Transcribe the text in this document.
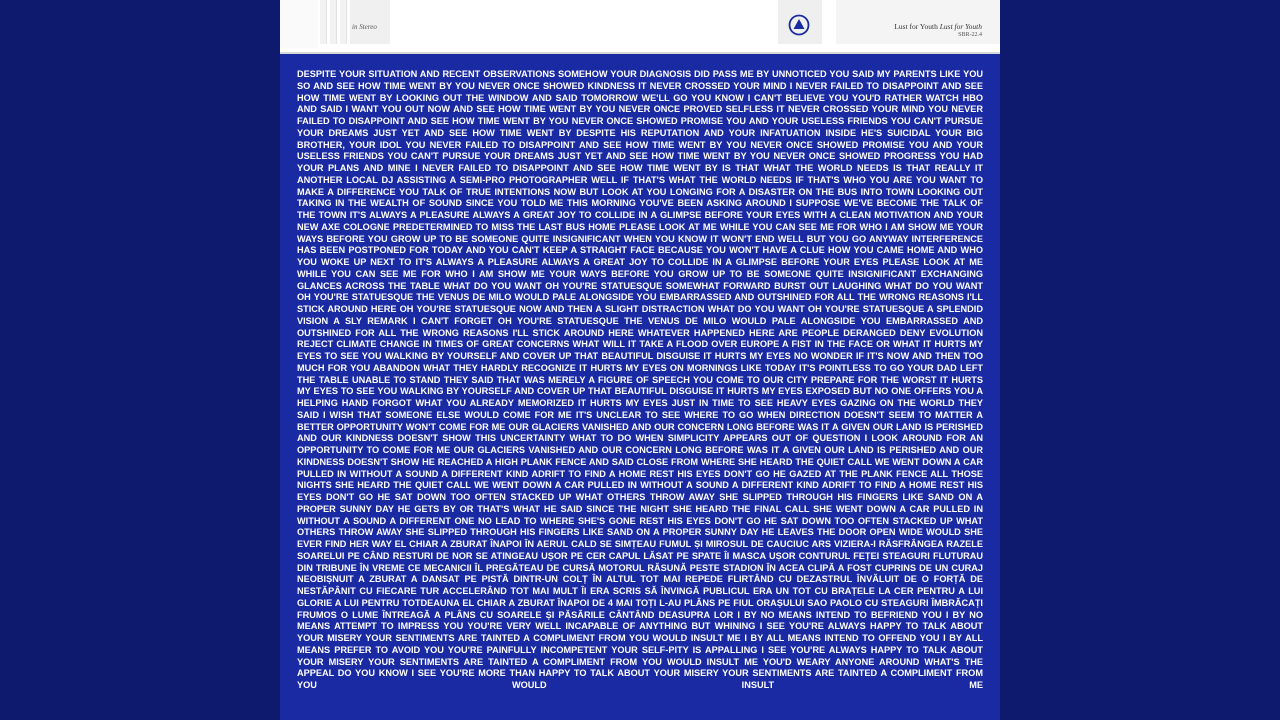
in Stereo	Lust for Youth Lust for Youth
SBR-22.4
DESPITE YOUR SITUATION AND RECENT OBSERVATIONS SOMEHOW YOUR DIAGNOSIS DID PASS ME BY UNNOTICED YOU SAID MY PARENTS LIKE YOU SO AND SEE HOW TIME WENT BY YOU NEVER ONCE SHOWED KINDNESS IT NEVER CROSSED YOUR MIND I NEVER FAILED TO DISAPPOINT AND SEE HOW TIME WENT BY LOOKING OUT THE WINDOW AND SAID TOMORROW WE'LL GO YOU KNOW I CAN'T BELIEVE YOU YOU'D RATHER WATCH HBO AND SAID I WANT YOU OUT NOW AND SEE HOW TIME WENT BY YOU NEVER ONCE PROVED SELFLESS IT NEVER CROSSED YOUR MIND YOU NEVER FAILED TO DISAPPOINT AND SEE HOW TIME WENT BY YOU NEVER ONCE SHOWED PROMISE YOU AND YOUR USELESS FRIENDS YOU CAN'T PURSUE YOUR DREAMS JUST YET AND SEE HOW TIME WENT BY DESPITE HIS REPUTATION AND YOUR INFATUATION INSIDE HE'S SUICIDAL YOUR BIG BROTHER, YOUR IDOL YOU NEVER FAILED TO DISAPPOINT AND SEE HOW TIME WENT BY YOU NEVER ONCE SHOWED PROMISE YOU AND YOUR USELESS FRIENDS YOU CAN'T PURSUE YOUR DREAMS JUST YET AND SEE HOW TIME WENT BY YOU NEVER ONCE SHOWED PROGRESS YOU HAD YOUR PLANS AND MINE I NEVER FAILED TO DISAPPOINT AND SEE HOW TIME WENT BY IS THAT WHAT THE WORLD NEEDS IS THAT REALLY IT ANOTHER LOCAL DJ ASSISTING A SEMI-PRO PHOTOGRAPHER WELL IF THAT'S WHAT THE WORLD NEEDS IF THAT'S WHO YOU ARE YOU WANT TO MAKE A DIFFERENCE YOU TALK OF TRUE INTENTIONS NOW BUT LOOK AT YOU LONGING FOR A DISASTER ON THE BUS INTO TOWN LOOKING OUT TAKING IN THE WEALTH OF SOUND SINCE YOU TOLD ME THIS MORNING YOU'VE BEEN ASKING AROUND I SUPPOSE WE'VE BECOME THE TALK OF THE TOWN IT'S ALWAYS A PLEASURE ALWAYS A GREAT JOY TO COLLIDE IN A GLIMPSE BEFORE YOUR EYES WITH A CLEAN MOTIVATION AND YOUR NEW AXE COLOGNE PREDETERMINED TO MISS THE LAST BUS HOME PLEASE LOOK AT ME WHILE YOU CAN SEE ME FOR WHO I AM SHOW ME YOUR WAYS BEFORE YOU GROW UP TO BE SOMEONE QUITE INSIGNIFICANT WHEN YOU KNOW IT WON'T END WELL BUT YOU GO ANYWAY INTERFERENCE HAS BEEN POSTPONED FOR TODAY AND YOU CAN'T KEEP A STRAIGHT FACE BECAUSE YOU WON'T HAVE A CLUE HOW YOU CAME HOME AND WHO YOU WOKE UP NEXT TO IT'S ALWAYS A PLEASURE ALWAYS A GREAT JOY TO COLLIDE IN A GLIMPSE BEFORE YOUR EYES PLEASE LOOK AT ME WHILE YOU CAN SEE ME FOR WHO I AM SHOW ME YOUR WAYS BEFORE YOU GROW UP TO BE SOMEONE QUITE INSIGNIFICANT EXCHANGING GLANCES ACROSS THE TABLE WHAT DO YOU WANT OH YOU'RE STATUESQUE SOMEWHAT FORWARD BURST OUT LAUGHING WHAT DO YOU WANT OH YOU'RE STATUESQUE THE VENUS DE MILO WOULD PALE ALONGSIDE YOU EMBARRASSED AND OUTSHINED FOR ALL THE WRONG REASONS I'LL STICK AROUND HERE OH YOU'RE STATUESQUE NOW AND THEN A SLIGHT DISTRACTION WHAT DO YOU WANT OH YOU'RE STATUESQUE A SPLENDID VISION A SLY REMARK I CAN'T FORGET OH YOU'RE STATUESQUE THE VENUS DE MILO WOULD PALE ALONGSIDE YOU EMBARRASSED AND OUTSHINED FOR ALL THE WRONG REASONS I'LL STICK AROUND HERE WHATEVER HAPPENED HERE ARE PEOPLE DERANGED DENY EVOLUTION REJECT CLIMATE CHANGE IN TIMES OF GREAT CONCERNS WHAT WILL IT TAKE A FLOOD OVER EUROPE A FIST IN THE FACE OR WHAT IT HURTS MY EYES TO SEE YOU WALKING BY YOURSELF AND COVER UP THAT BEAUTIFUL DISGUISE IT HURTS MY EYES NO WONDER IF IT'S NOW AND THEN TOO MUCH FOR YOU ABANDON WHAT THEY HARDLY RECOGNIZE IT HURTS MY EYES ON MORNINGS LIKE TODAY IT'S POINTLESS TO GO YOUR DAD LEFT THE TABLE UNABLE TO STAND THEY SAID THAT WAS MERELY A FIGURE OF SPEECH YOU COME TO OUR CITY PREPARE FOR THE WORST IT HURTS MY EYES TO SEE YOU WALKING BY YOURSELF AND COVER UP THAT BEAUTIFUL DISGUISE IT HURTS MY EYES EXPOSED BUT NO ONE OFFERS YOU A HELPING HAND FORGOT WHAT YOU ALREADY MEMORIZED IT HURTS MY EYES JUST IN TIME TO SEE HEAVY EYES GAZING ON THE WORLD THEY SAID I WISH THAT SOMEONE ELSE WOULD COME FOR ME IT'S UNCLEAR TO SEE WHERE TO GO WHEN DIRECTION DOESN'T SEEM TO MATTER A BETTER OPPORTUNITY WON'T COME FOR ME OUR GLACIERS VANISHED AND OUR CONCERN LONG BEFORE WAS IT A GIVEN OUR LAND IS PERISHED AND OUR KINDNESS DOESN'T SHOW THIS UNCERTAINTY WHAT TO DO WHEN SIMPLICITY APPEARS OUT OF QUESTION I LOOK AROUND FOR AN OPPORTUNITY TO COME FOR ME OUR GLACIERS VANISHED AND OUR CONCERN LONG BEFORE WAS IT A GIVEN OUR LAND IS PERISHED AND OUR KINDNESS DOESN'T SHOW HE REACHED A HIGH PLANK FENCE AND SAID CLOSE FROM WHERE SHE HEARD THE QUIET CALL WE WENT DOWN A CAR PULLED IN WITHOUT A SOUND A DIFFERENT KIND ADRIFT TO FIND A HOME REST HIS EYES DON'T GO HE GAZED AT THE PLANK FENCE ALL THOSE NIGHTS SHE HEARD THE QUIET CALL WE WENT DOWN A CAR PULLED IN WITHOUT A SOUND A DIFFERENT KIND ADRIFT TO FIND A HOME REST HIS EYES DON'T GO HE SAT DOWN TOO OFTEN STACKED UP WHAT OTHERS THROW AWAY SHE SLIPPED THROUGH HIS FINGERS LIKE SAND ON A PROPER SUNNY DAY HE GETS BY OR THAT'S WHAT HE SAID SINCE THE NIGHT SHE HEARD THE FINAL CALL SHE WENT DOWN A CAR PULLED IN WITHOUT A SOUND A DIFFERENT ONE NO LEAD TO WHERE SHE'S GONE REST HIS EYES DON'T GO HE SAT DOWN TOO OFTEN STACKED UP WHAT OTHERS THROW AWAY SHE SLIPPED THROUGH HIS FINGERS LIKE SAND ON A PROPER SUNNY DAY HE LEAVES THE DOOR OPEN WIDE WOULD SHE EVER FIND HER WAY EL CHIAR A ZBURAT ÎNAPOI ÎN AERUL CALD SE SIMȚEAU FUMUL ȘI MIROSUL DE CAUCIUC ARS VIZIERA-I RĂSFRÂNGEA RAZELE SOARELUI PE CÂND RESTURI DE NOR SE ATINGEAU UȘOR PE CER CAPUL LĂSAT PE SPATE ÎI MASCA UȘOR CONTURUL FEȚEI STEAGURI FLUTURAU DIN TRIBUNE ÎN VREME CE MECANICII ÎL PREGĂTEAU DE CURSĂ MOTORUL RĂSUNĂ PESTE STADION ÎN ACEA CLIPĂ A FOST CUPRINS DE UN CURAJ NEOBIȘNUIT A ZBURAT A DANSAT PE PISTĂ DINTR-UN COLȚ ÎN ALTUL TOT MAI REPEDE FLIRTÂND CU DEZASTRUL ÎNVĂLUIT DE O FORȚĂ DE NESTĂPÂNIT CU FIECARE TUR ACCELERÂND TOT MAI MULT ÎI ERA SCRIS SĂ ÎNVINGĂ PUBLICUL ERA UN TOT CU BRAȚELE LA CER PENTRU A LUI GLORIE A LUI PENTRU TOTDEAUNA EL CHIAR A ZBURAT ÎNAPOI DE 4 MAI TOȚI L-AU PLÂNS PE FIUL ORAȘULUI SAO PAOLO CU STEAGURI ÎMBRĂCAȚI FRUMOS O LUME ÎNTREAGĂ A PLÂNS CU SOARELE ȘI PĂSĂRILE CÂNTÂND DEASUPRA LOR I BY NO MEANS INTEND TO BEFRIEND YOU I BY NO MEANS ATTEMPT TO IMPRESS YOU YOU'RE VERY WELL INCAPABLE OF ANYTHING BUT WHINING I SEE YOU'RE ALWAYS HAPPY TO TALK ABOUT YOUR MISERY YOUR SENTIMENTS ARE TAINTED A COMPLIMENT FROM YOU WOULD INSULT ME I BY ALL MEANS INTEND TO OFFEND YOU I BY ALL MEANS PREFER TO AVOID YOU YOU'RE PAINFULLY INCOMPETENT YOUR SELF-PITY IS APPALLING I SEE YOU'RE ALWAYS HAPPY TO TALK ABOUT YOUR MISERY YOUR SENTIMENTS ARE TAINTED A COMPLIMENT FROM YOU WOULD INSULT ME YOU'D WEARY ANYONE AROUND WHAT'S THE APPEAL DO YOU KNOW I SEE YOU'RE MORE THAN HAPPY TO TALK ABOUT YOUR MISERY YOUR SENTIMENTS ARE TAINTED A COMPLIMENT FROM YOU WOULD INSULT ME
